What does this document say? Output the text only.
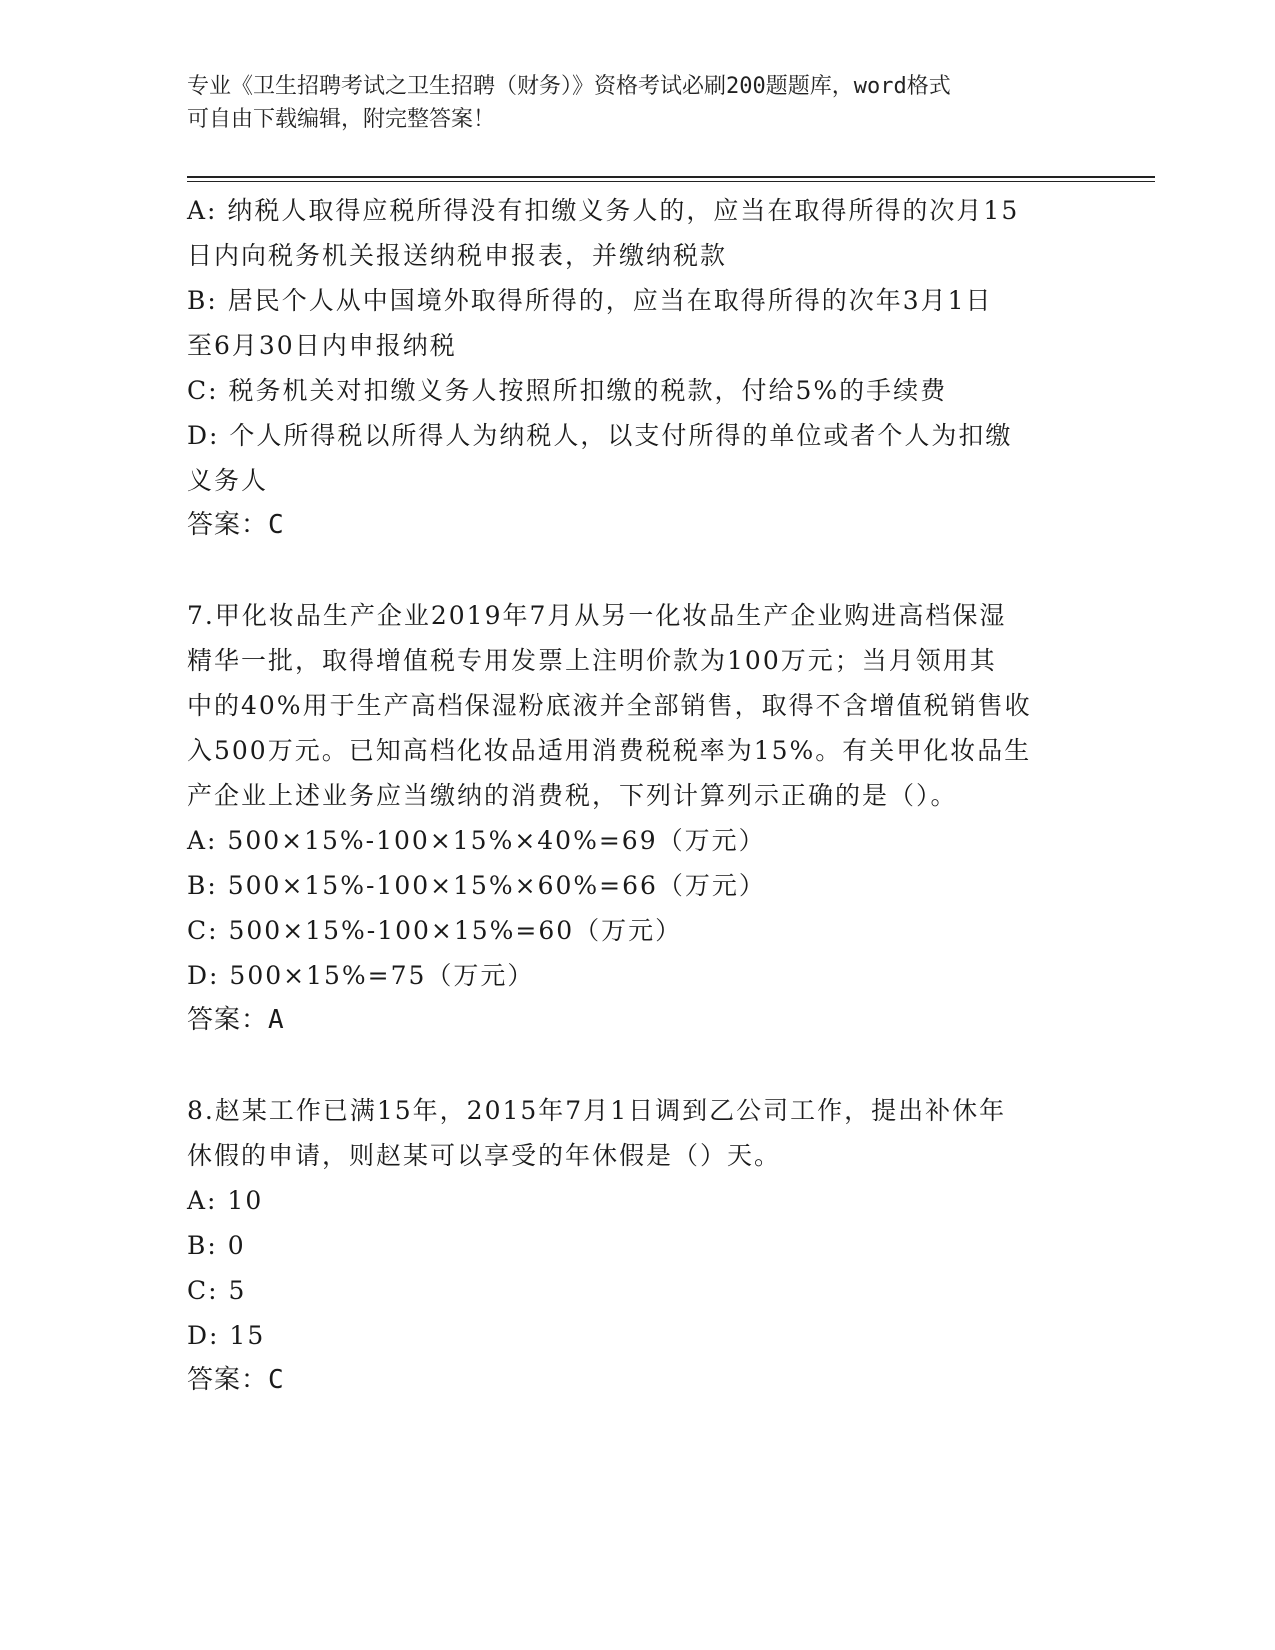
专业《卫生招聘考试之卫生招聘（财务）》资格考试必刷200题题库，word格式
可自由下载编辑，附完整答案！
A: 纳税人取得应税所得没有扣缴义务人的，应当在取得所得的次月15
日内向税务机关报送纳税申报表，并缴纳税款
B: 居民个人从中国境外取得所得的，应当在取得所得的次年3月1日
至6月30日内申报纳税
C: 税务机关对扣缴义务人按照所扣缴的税款，付给5%的手续费
D: 个人所得税以所得人为纳税人，以支付所得的单位或者个人为扣缴
义务人
答案：C
7.甲化妆品生产企业2019年7月从另一化妆品生产企业购进高档保湿
精华一批，取得增值税专用发票上注明价款为100万元；当月领用其
中的40%用于生产高档保湿粉底液并全部销售，取得不含增值税销售收
入500万元。已知高档化妆品适用消费税税率为15%。有关甲化妆品生
产企业上述业务应当缴纳的消费税，下列计算列示正确的是（）。
A: 500×15%-100×15%×40%=69（万元）
B: 500×15%-100×15%×60%=66（万元）
C: 500×15%-100×15%=60（万元）
D: 500×15%=75（万元）
答案：A
8.赵某工作已满15年，2015年7月1日调到乙公司工作，提出补休年
休假的申请，则赵某可以享受的年休假是（）天。
A: 10
B: 0
C: 5
D: 15
答案：C
